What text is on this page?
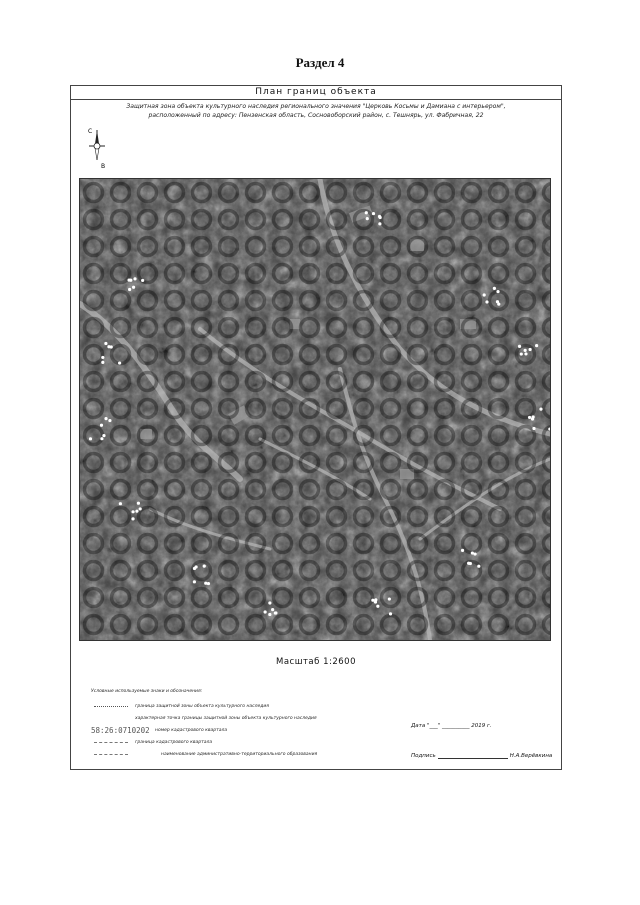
Раздел 4
План границ объекта
Защитная зона объекта культурного наследия регионального значения "Церковь Косьмы и Дамиана с интерьером",
расположенный по адресу: Пензенская область, Сосновоборский район, с. Тешнярь, ул. Фабричная, 22
С
В
Масштаб 1:2600
Условные используемые знаки и обозначения:
граница защитной зоны объекта культурного наследия
характерная точка границы защитной зоны объекта культурного наследия
58:26:0710202	номер кадастрового квартала
граница кадастрового квартала
наименование административно-территориального образования
Дата "___" __________ 2019 г.
Подпись	Н.А.Верёвкина
